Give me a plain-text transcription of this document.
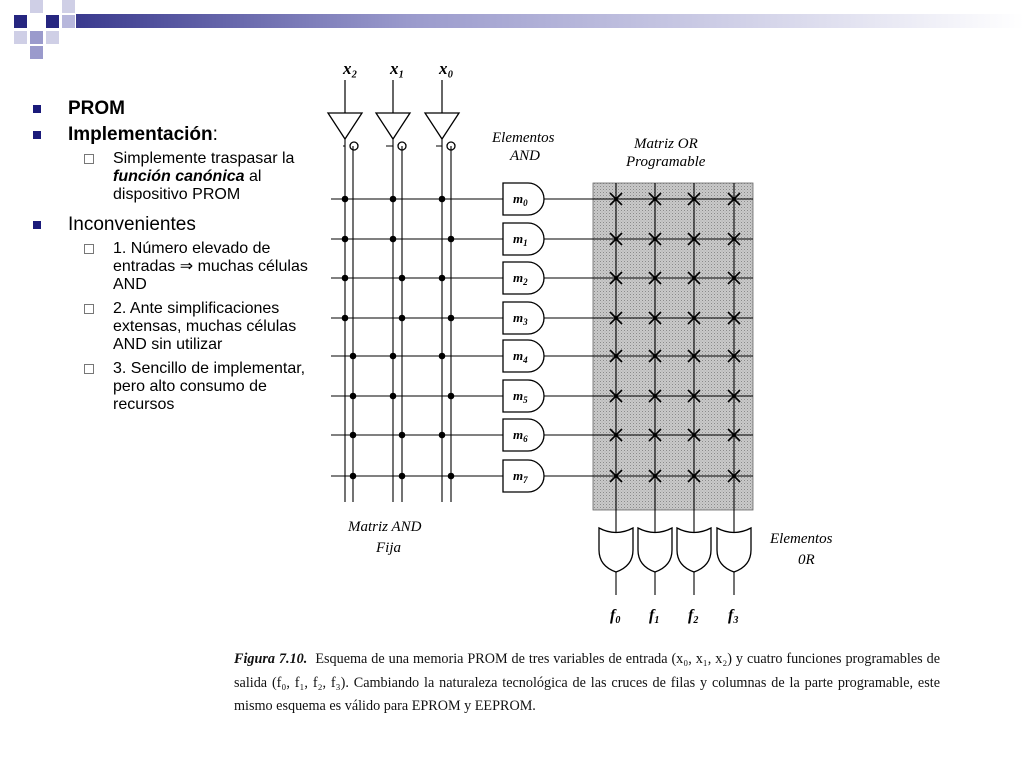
PROM
Implementación:
Simplemente traspasar la función canónica al dispositivo PROM
Inconvenientes
1. Número elevado de entradas ⇒ muchas células AND
2. Ante simplificaciones extensas, muchas células AND sin utilizar
3. Sencillo de implementar, pero alto consumo de recursos
x₂ x₁ x₀
Elementos
AND
Matriz OR
Programable
$m_0$
$m_1$
$m_2$
$m_3$
$m_4$
$m_5$
$m_6$
$m_7$
Matriz AND
Fija
f0 f1 f2 f3
Elementos
0R
Figura 7.10. Esquema de una memoria PROM de tres variables de entrada (x₀, x₁, x₂) y cuatro funciones programables de salida (f₀, f₁, f₂, f₃). Cambiando la naturaleza tecnológica de las cruces de filas y columnas de la parte programable, este mismo esquema es válido para EPROM y EEPROM.
